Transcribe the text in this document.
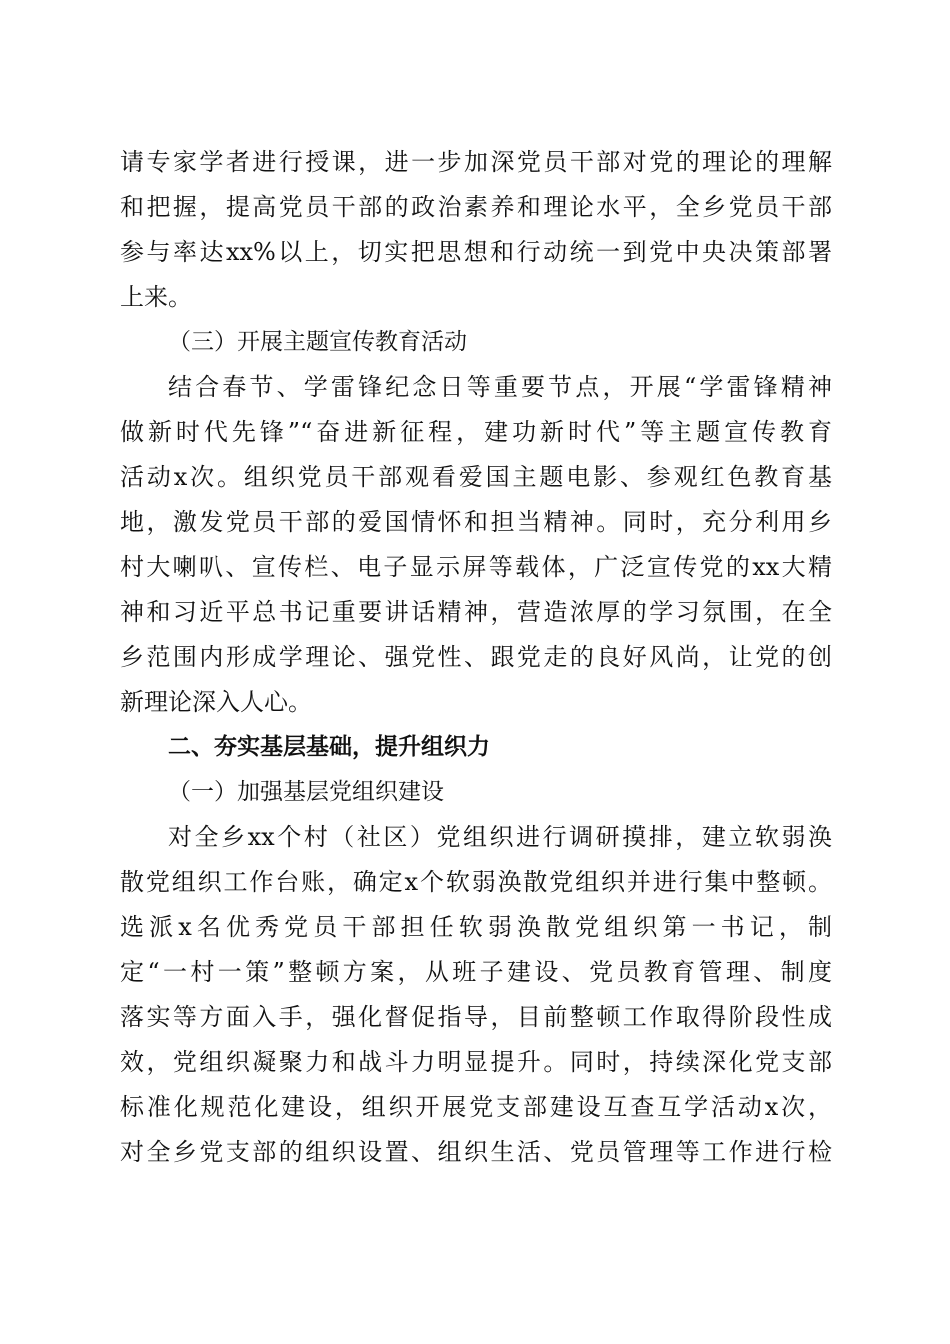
请专家学者进行授课，进一步加深党员干部对党的理论的理解
和把握，提高党员干部的政治素养和理论水平，全乡党员干部
参与率达xx%以上，切实把思想和行动统一到党中央决策部署
上来。
（三）开展主题宣传教育活动
结合春节、学雷锋纪念日等重要节点，开展“学雷锋精神
做新时代先锋”“奋进新征程，建功新时代”等主题宣传教育
活动x次。组织党员干部观看爱国主题电影、参观红色教育基
地，激发党员干部的爱国情怀和担当精神。同时，充分利用乡
村大喇叭、宣传栏、电子显示屏等载体，广泛宣传党的xx大精
神和习近平总书记重要讲话精神，营造浓厚的学习氛围，在全
乡范围内形成学理论、强党性、跟党走的良好风尚，让党的创
新理论深入人心。
二、夯实基层基础，提升组织力
（一）加强基层党组织建设
对全乡xx个村（社区）党组织进行调研摸排，建立软弱涣
散党组织工作台账，确定x个软弱涣散党组织并进行集中整顿。
选派x名优秀党员干部担任软弱涣散党组织第一书记，制
定“一村一策”整顿方案，从班子建设、党员教育管理、制度
落实等方面入手，强化督促指导，目前整顿工作取得阶段性成
效，党组织凝聚力和战斗力明显提升。同时，持续深化党支部
标准化规范化建设，组织开展党支部建设互查互学活动x次，
对全乡党支部的组织设置、组织生活、党员管理等工作进行检
